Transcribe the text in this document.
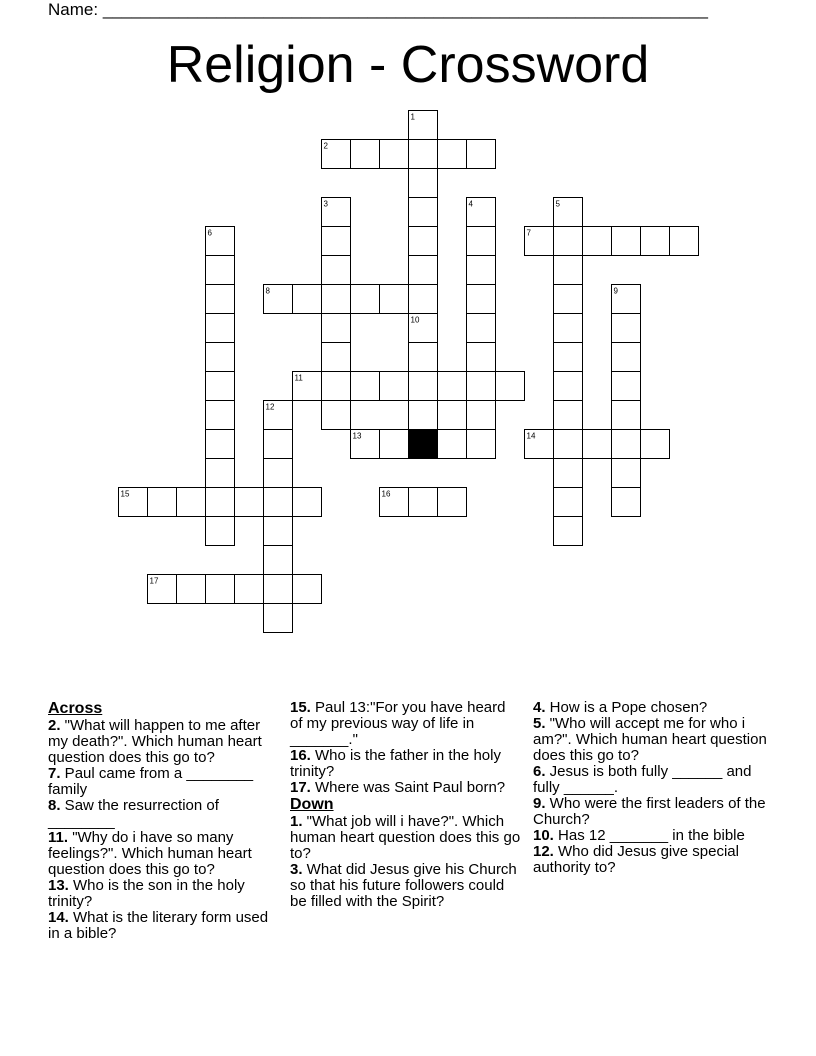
Name: ________________________________________________________________
Religion - Crossword
1
2
3	4	5
6	7
8	9
10
11
12
13	14
15	16
17
Across

2. "What will happen to me after my death?". Which human heart question does this go to?

7. Paul came from a ________ family

8. Saw the resurrection of ________

11. "Why do i have so many feelings?". Which human heart question does this go to?

13. Who is the son in the holy trinity?

14. What is the literary form used in a bible?

15. Paul 13:"For you have heard of my previous way of life in _______."

16. Who is the father in the holy trinity?

17. Where was Saint Paul born?

Down

1. "What job will i have?". Which human heart question does this go to?

3. What did Jesus give his Church so that his future followers could be filled with the Spirit?

4. How is a Pope chosen?

5. "Who will accept me for who i am?". Which human heart question does this go to?

6. Jesus is both fully ______ and fully ______.

9. Who were the first leaders of the Church?

10. Has 12 _______ in the bible

12. Who did Jesus give special authority to?
